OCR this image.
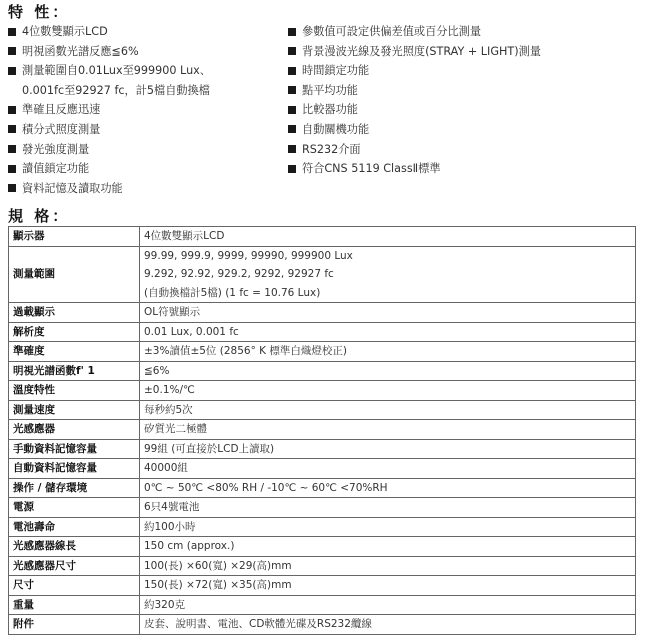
特 性：
4位數雙顯示LCD
明視函數光譜反應≦6%
測量範圍自0.01Lux至999900 Lux、
0.001fc至92927 fc，計5檔自動換檔
準確且反應迅速
積分式照度測量
發光強度測量
讀值鎖定功能
資料記憶及讀取功能
參數值可設定供偏差值或百分比測量
背景漫波光線及發光照度(STRAY + LIGHT)測量
時間鎖定功能
點平均功能
比較器功能
自動關機功能
RS232介面
符合CNS 5119 ClassⅡ標準
規 格：
顯示器	4位數雙顯示LCD

測量範圍	99.99, 999.9, 9999, 99990, 999900 Lux
9.292, 92.92, 929.2, 9292, 92927 fc
(自動換檔計5檔) (1 fc = 10.76 Lux)

過載顯示	OL符號顯示

解析度	0.01 Lux, 0.001 fc

準確度	±3%讀值±5位 (2856° K 標準白熾燈校正)

明視光譜函數f' 1	≦6%

溫度特性	±0.1%/℃

測量速度	每秒約5次

光感應器	矽質光二極體

手動資料記憶容量	99組 (可直接於LCD上讀取)

自動資料記憶容量	40000組

操作 / 儲存環境	0℃ ~ 50℃ <80% RH / -10℃ ~ 60℃ <70%RH

電源	6只4號電池

電池壽命	約100小時

光感應器線長	150 cm (approx.)

光感應器尺寸	100(長) ×60(寬) ×29(高)mm

尺寸	150(長) ×72(寬) ×35(高)mm

重量	約320克

附件	皮套、說明書、電池、CD軟體光碟及RS232纜線
